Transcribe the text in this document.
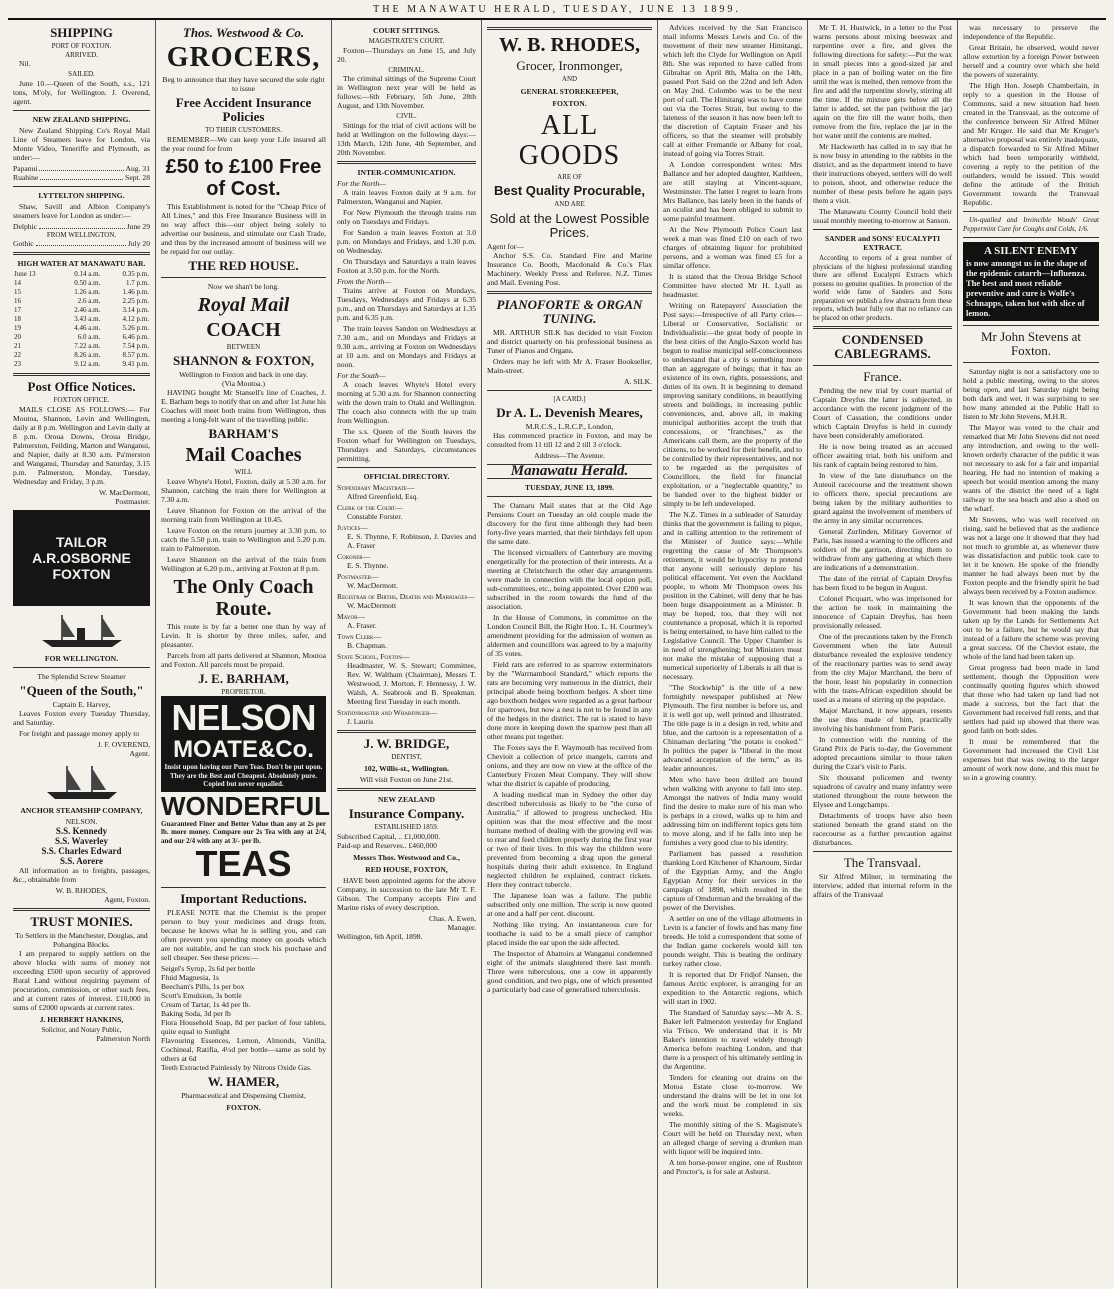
THE MANAWATU HERALD, TUESDAY, JUNE 13 1899.
SHIPPING
PORT OF FOXTON.
ARRIVED.

Nil.

SAILED.

June 10.—Queen of the South, s.s., 121 tons, M'oly, for Wellington. J. Overend, agent.

NEW ZEALAND SHIPPING.

New Zealand Shipping Co's Royal Mail Line of Steamers leave for London, via Monte Video, Teneriffe and Plymouth, as under:—

Papanui	Aug. 31
Ruahine	Sept. 28
LYTTELTON SHIPPING.

Shaw, Savill and Albion Company's steamers leave for London as under:—

Delphic	June 29
FROM WELLINGTON.
Gothic	July 20
HIGH WATER AT MANAWATU BAR.
June 13	0.14 a.m.	0.35 p.m.
14	0.50 a.m.	1.7 p.m.
15	1.26 a.m.	1.46 p.m.
16	2.6 a.m.	2.25 p.m.
17	2.46 a.m.	3.14 p.m.
18	3.43 a.m.	4.12 p.m.
19	4.46 a.m.	5.26 p.m.
20	6.0 a.m.	6.46 p.m.
21	7.22 a.m.	7.54 p.m.
22	8.26 a.m.	8.57 p.m.
23	9.12 a.m.	9.41 p.m.
Post Office Notices.
FOXTON OFFICE.

MAILS CLOSE AS FOLLOWS:— For Moutoa, Shannon, Levin and Wellington, daily at 8 p.m. Wellington and Levin daily at 8 p.m. Oroua Downs, Oroua Bridge, Palmerston, Feilding, Marton and Wanganui, and Napier, daily at 8.30 a.m. Pa'merston and Wanganui, Thursday and Saturday, 3.15 p.m. Palmerston, Monday, Tuesday, Wednesday and Friday, 3 p.m.

W. MacDermott,
Postmaster.
TAILOR
A.R.OSBORNE
FOXTON
FOR WELLINGTON.
The Splendid Screw Steamer
"Queen of the South,"
Captain E. Harvey,

Leaves Foxton every Tuesday Thursday, and Saturday.

For freight and passage money apply to

J. F. OVEREND,
Agent.
ANCHOR STEAMSHIP COMPANY,
NELSON.
S.S. Kennedy
S.S. Waverley
S.S. Charles Edward
S.S. Aorere

All information as to freights, passages, &c., obtainable from

W. B. RHODES,
Agent, Foxton.
TRUST MONIES.
To Settlers in the Manchester, Douglas, and Pohangina Blocks.

I am prepared to supply settlers on the above blocks with sums of money not exceeding £500 upon security of approved Rural Land without requiring payment of procuration, commission, or other such fees, and at current rates of interest. £10,000 in sums of £2000 upwards at current rates.

J. HERBERT HANKINS,
Solicitor, and Notary Public,
Palmerston North
Thos. Westwood & Co.
GROCERS,
Beg to announce that they have secured the sole right to issue
Free Accident Insurance Policies
TO THEIR CUSTOMERS.

REMEMBER—We can keep your Life insured all the year round for from

£50 to £100 Free of Cost.

This Establishment is noted for the "Cheap Price of All Lines," and this Free Insurance Business will in no way affect this—our object being solely to advertise our business, and stimulate our Cash Trade, and thus by the increased amount of business will we be repaid for our outlay.

THE RED HOUSE.
Now we shan't be long.
Royal Mail
COACH
BETWEEN
SHANNON & FOXTON,
Wellington to Foxton and back in one day.
(Via Moutoa.)

HAVING bought Mr Stansell's line of Coaches, J. E. Barham begs to notify that on and after 1st June his Coaches will meet both trains from Wellington, thus meeting a long-felt want of the travelling public.

BARHAM'S
Mail Coaches
WILL

Leave Whyte's Hotel, Foxton, daily at 5.30 a.m. for Shannon, catching the train there for Wellington at 7.30 a.m.

Leave Shannon for Foxton on the arrival of the morning train from Wellington at 10.45.

Leave Foxton on the return journey at 3.30 p.m. to catch the 5.50 p.m. train to Wellington and 5.20 p.m. train to Palmerston.

Leave Shannon on the arrival of the train from Wellington at 6.20 p.m., arriving at Foxton at 8 p.m.

The Only Coach Route.

This route is by far a better one than by way of Levin. It is shorter by three miles, safer, and pleasanter.

Parcels from all parts delivered at Shannon, Moutoa and Foxton. All parcels must be prepaid.

J. E. BARHAM,
PROPRIETOR.
NELSON
MOATE&Co.
Insist upon having our Pure Teas. Don't be put upon. They are the Best and Cheapest. Absolutely pure. Copied but never equalled.
WONDERFUL
Guaranteed Finer and Better Value than any at 2s per lb. more money. Compare our 2s Tea with any at 2/4, and our 2/4 with any at 3/- per lb.
TEAS
Important Reductions.

PLEASE NOTE that the Chemist is the proper person to buy your medicines and drugs from, because he knows what he is selling you, and can often prevent you spending money on goods which are not suitable, and he can stock his purchase and sell cheaper. See these prices:—

Seigel's Syrup, 2s 6d per bottle
Fluid Magnesia, 1s
Beecham's Pills, 1s per box
Scott's Emulsion, 3s bottle
Cream of Tartar, 1s 4d per lb.
Baking Soda, 3d per lb
Flora Household Soap, 8d per packet of four tablets, quite equal to Sunlight
Flavouring Essences, Lemon, Almonds, Vanilla, Cochineal, Ratifia, 4½d per bottle—same as sold by others at 6d
Teeth Extracted Painlessly by Nitrous Oxide Gas.
W. HAMER,
Pharmaceutical and Dispensing Chemist,
FOXTON.
COURT SITTINGS.
MAGISTRATE'S COURT.

Foxton—Thursdays on June 15, and July 20.

CRIMINAL.

The criminal sittings of the Supreme Court in Wellington next year will be held as follows:—6th February, 5th June, 28th August, and 13th November.

CIVIL.

Sittings for the trial of civil actions will be held at Wellington on the following days:—13th March, 12th June, 4th September, and 20th November.

INTER-COMMUNICATION.
For the North—

A train leaves Foxton daily at 9 a.m. for Palmerston, Wanganui and Napier.

For New Plymouth the through trains run only on Tuesdays and Fridays.

For Sandon a train leaves Foxton at 3.0 p.m. on Mondays and Fridays, and 1.30 p.m. on Wednesday.

On Thursdays and Saturdays a train leaves Foxton at 3.50 p.m. for the North.

From the North—

Trains arrive at Foxton on Mondays, Tuesdays, Wednesdays and Fridays at 6.35 p.m., and on Thursdays and Saturdays at 1.35 p.m. and 6.35 p.m.

The train leaves Sandon on Wednesdays at 7.30 a.m., and on Mondays and Fridays at 9.30 a.m., arriving at Foxton on Wednesdays at 10 a.m. and on Mondays and Fridays at noon.

For the South—

A coach leaves Whyte's Hotel every morning at 5.30 a.m. for Shannon connecting with the down train to Otaki and Wellington. The coach also connects with the up train from Wellington.

The s.s. Queen of the South leaves the Foxton wharf for Wellington on Tuesdays, Thursdays and Saturdays, circumstances permitting.

OFFICIAL DIRECTORY.
Stipendiary Magistrate—
Alfred Greenfield, Esq.
Clerk of the Court—
Constable Forster.
Justices—
E. S. Thynne, F. Robinson, J. Davies and A. Fraser
Coroner—
E. S. Thynne.
Postmaster—
W. MacDermott.
Registrar of Births, Deaths and Marriages—
W. MacDermott
Mayor—
A. Fraser.
Town Clerk—
B. Chapman.
State School, Foxton—
Headmaster, W. S. Stewart; Committee, Rev. W. Waltham (Chairman), Messrs T. Westwood, J. Morton, F. Hennessy, J. W. Walsh, A. Seabrook and B. Speakman. Meeting first Tuesday in each month.
Stationmaster and Wharfinger—
J. Lauris
J. W. BRIDGE,
DENTIST,
102, Willis-st., Wellington.
Will visit Foxton on June 21st.
NEW ZEALAND
Insurance Company.
ESTABLISHED 1859.
Subscribed Capital, .. £1,000,000.
Paid-up and Reserves.. £460,000
Messrs Thos. Westwood and Co.,
RED HOUSE, FOXTON,

HAVE been appointed agents for the above Company, in succession to the late Mr T. F. Gibson. The Company accepts Fire and Marine risks of every description.

Chas. A. Ewen,
Manager.
Wellington, 6th April, 1898.
W. B. RHODES,
Grocer, Ironmonger,
AND
GENERAL STOREKEEPER,
FOXTON.
ALL GOODS
ARE OF
Best Quality Procurable,
AND ARE
Sold at the Lowest Possible Prices.
Agent for—

Anchor S.S. Co. Standard Fire and Marine Insurance Co. Booth, Macdonald & Co.'s Flax Machinery. Weekly Press and Referee. N.Z. Times and Mail. Evening Post.

PIANOFORTE & ORGAN TUNING.

MR. ARTHUR SILK has decided to visit Foxton and district quarterly on his professional business as Tuner of Pianos and Organs.

Orders may be left with Mr A. Fraser Bookseller, Main-street.

A. SILK.
[A CARD.]
Dr A. L. Devenish Meares,
M.R.C.S., L.R.C.P., London,

Has commenced practice in Foxton, and may be consulted from 11 till 12 and 2 till 3 o'clock.

Address—The Avenue.
Manawatu Herald.
TUESDAY, JUNE 13, 1899.

The Oamaru Mail states that at the Old Age Pensions Court on Tuesday an old couple made the discovery for the first time although they had been forty-five years married, that their birthdays fell upon the same date.

The licensed victuallers of Canterbury are moving energetically for the protection of their interests. At a meeting at Christchurch the other day arrangements were made in connection with the local option poll, sub-committees, etc., being appointed. Over £200 was subscribed in the room towards the fund of the association.

In the House of Commons, in committee on the London Council Bill, the Right Hon. L. H. Courtney's amendment providing for the admission of women as aldermen and councillors was agreed to by a majority of 35 votes.

Field rats are referred to as sparrow exterminators by the "Warrnambool Standard," which reports the rats are becoming very numerous in the district, their principal abode being boxthorn hedges. A short time ago boxthorn hedges were regarded as a great harbour for sparrows, but now a nest is not to be found in any of the hedges in the district. The rat is stated to have done more in keeping down the sparrow pest than all other means put together.

The Foxes says the F. Waymouth has received from Chevioit a collection of price mangels, carrots and onions, and they are now on view at the office of the Canterbury Frozen Meat Company. They will show what the district is capable of producing.

A leading medical man in Sydney the other day described tuberculosis as likely to be "the curse of Australia," if allowed to progress unchecked. His opinion was that the most effective and the most humane method of dealing with the growing evil was to rear and feed children properly during the first year or two of their lives. In this way the children were prevented from becoming a drag upon the general hospitals during their adult existence. In England neglected children he explained, contract rickets. Here they contract tubercle.

The Japanese loan was a failure. The public subscribed only one million. The scrip is now quoted at one and a half per cent. discount.

Nothing like trying. An instantaneous cure for toothache is said to be a small piece of camphor placed inside the ear upon the side affected.

The Inspector of Abattoirs at Wanganui condemned eight of the animals slaughtered there last month. Three were tuberculous, one a cow in apparently good condition, and two pigs, one of which presented a particularly bad case of generalised tuberculosis.

Advices received by the San Francisco mail informs Messrs Lewis and Co. of the movement of their new steamer Himitangi, which left the Clyde for Wellington on April 8th. She was reported to have called from Gibraltar on April 8th, Malta on the 14th, passed Port Said on the 22nd and left Aden on May 2nd. Colombo was to be the next port of call. The Himitangi was to have come out via the Torres Strait, but owing to the lateness of the season it has now been left to the discretion of Captain Fraser and his officers, so that the steamer will probably call at either Fremantle or Albany for coal, instead of going via Torres Strait.

A London correspondent writes: Mrs Ballance and her adopted daughter, Kathleen, are still staying at Vincent-square, Westminster. The latter I regret to learn from Mrs Ballance, has lately been in the hands of an oculist and has been obliged to submit to some painful treatment.

At the New Plymouth Police Court last week a man was fined £10 on each of two charges of obtaining liquor for prohibited persons, and a woman was fined £5 for a similar offence.

It is stated that the Oroua Bridge School Committee have elected Mr H. Lyall as headmaster.

Writing on Ratepayers' Association the Post says:—Irrespective of all Party cries—Liberal or Conservative, Socialistic or Individualistic—the great body of people in the best cities of the Anglo-Saxon world has begun to realise municipal self-consciousness to understand that a city is something more than an aggregate of beings; that it has an existence of its own, rights, possessions, and duties of its own. It is beginning to demand improving sanitary conditions, in beautifying streets and buildings, in increasing public conveniences, and, above all, in making municipal authorities accept the truth that concessions, or "franchises," as the Americans call them, are the property of the citizens, to be worked for their benefit, and to be controlled by their representatives, and not to be regarded as the perquisites of Councillors, the field for financial exploitation, or a "neglectable quantity," to be handed over to the highest bidder or simply to be left undeveloped.

The N.Z. Times in a subleader of Saturday thinks that the government is failing to pique, and in calling attention to the retirement of the Minister of Justice says:—While regretting the cause of Mr Thompson's retirement, it would be hypocrisy to pretend that anyone will seriously deplore his political effacement. Yet even the Auckland people, to whom Mr Thompson owes his position in the Cabinet, will deny that he has been huge disappointment as a Minister. It may be hoped, too, that they will not countenance a proposal, which it is reported is being entertained, to have him called to the Legislative Council. The Upper Chamber is in need of strengthening; but Ministers must not make the mistake of supposing that a numerical superiority of Liberals is all that is necessary.

"The Stockwhip" is the title of a new fortnightly newspaper published at New Plymouth. The first number is before us, and it is well got up, well printed and illustrated. The title page is in a design in red, white and blue, and the cartoon is a representation of a Chinaman declaring "the potato is cooked." In politics the paper is "liberal in the most advanced acceptation of the term," as its leader announces.

Men who have been drilled are bound when walking with anyone to fall into step. Amongst the natives of India many would find the desire to make sure of his man who is perhaps in a crowd, walks up to him and addressing him on indifferent topics gets him to move along, and if he falls into step he furnishes a very good clue to his identity.

Parliament has passed a resolution thanking Lord Kitchener of Khartoum, Sirdar of the Egyptian Army, and the Anglo Egyptian Army for their services in the campaign of 1898, which resulted in the capture of Omdurman and the breaking of the power of the Dervishes.

A settler on one of the village allotments in Levin is a fancier of fowls and has many fine breeds. He told a correspondent that some of the Indian game cockerels would kill ten pounds weight. This is beating the ordinary turkey rather close.

It is reported that Dr Fridjof Nansen, the famous Arctic explorer, is arranging for an expedition to the Antarctic regions, which will start in 1902.

The Standard of Saturday says:—Mr A. S. Baker left Palmerston yesterday for England via 'Frisco. We understand that it is Mr Baker's intention to travel widely through America before reaching London, and that there is a prospect of his ultimately settling in the Argentine.

Tenders for cleaning out drains on the Motoa Estate close to-morrow. We understand the drains will be let in one lot and the work must be completed in six weeks.

The monthly sitting of the S. Magistrate's Court will be held on Thursday next, when an alleged charge of serving a drunken man with liquor will be inquired into.

A ten horse-power engine, one of Rushton and Proctor's, is for sale at Ashurst.

Mr T. H. Hustwick, in a letter to the Post warns persons about mixing beeswax and turpentine over a fire, and gives the following directions for safety:—Put the wax in small pieces into a good-sized jar and place in a pan of boiling water on the fire until the wax is melted, then remove from the fire and add the turpentine slowly, stirring all the time. If the mixture gets below all the latter is added, set the pan (without the jar) again on the fire till the water boils, then remove from the fire, replace the jar in the hot water until the contents are melted.

Mr Hackworth has called in to say that he is now busy in attending to the rabbits in the district, and as the department intend to have their instructions obeyed, settlers will do well to poison, shoot, and otherwise reduce the number of these pests before he again pays them a visit.

The Manawatu County Council hold their usual monthly meeting to-morrow at Sanson.

SANDER and SONS' EUCALYPTI EXTRACT.

According to reports of a great number of physicians of the highest professional standing there are offered Eucalypti Extracts which possess no genuine qualities. In protection of the world wide fame of Sanders and Sons preparation we publish a few abstracts from these reports, which bear fully out that no reliance can be placed on other products.

CONDENSED CABLEGRAMS.
France.

Pending the new trial by court martial of Captain Dreyfus the latter is subjected, in accordance with the recent judgment of the Court of Cassation, the conditions under which Captain Dreyfus is held in custody have been considerably ameliorated.

He is now being treated as an accused officer awaiting trial, both his uniform and his rank of captain being restored to him.

In view of the late disturbance on the Auteuil racecourse and the treatment shown to officers there, special precautions are being taken by the military authorities to guard against the involvement of members of the army in any similar occurrences.

General Zurlinden, Military Governor of Paris, has issued a warning to the officers and soldiers of the garrison, directing them to withdraw from any gathering at which there are indications of a demonstration.

The date of the retrial of Captain Dreyfus has been fixed to be begun in August.

Colonel Picquart, who was imprisoned for the action he took in maintaining the innocence of Captain Dreyfus, has been provisionally released.

One of the precautions taken by the French Government when the late Auteuil disturbance revealed the explosive tendency of the reactionary parties was to send away from the city Major Marchand, the hero of the hour, least his popularity in connection with the trans-African expedition should be used as a means of stirring up the populace.

Major Marchand, it now appears, resents the use thus made of him, practically involving his banishment from Paris.

In connection with the running of the Grand Prix de Paris to-day, the Government adopted precautions similar to those taken during the Czar's visit to Paris.

Six thousand policemen and twenty squadrons of cavalry and many infantry were stationed throughout the route between the Elysee and Longchamps.

Detachments of troops have also been stationed beneath the grand stand on the racecourse as a further precaution against disturbances.

The Transvaal.

Sir Alfred Milner, in terminating the interview, added that internal reform in the affairs of the Transvaal

was necessary to preserve the independence of the Republic.

Great Britain, he observed, would never allow extortion by a foreign Power between herself and a country over which she held the powers of suzerainty.

The High Hon. Joseph Chamberlain, in reply to a question in the House of Commons, said a new situation had been created in the Transvaal, as the outcome of the conference between Sir Alfred Milner and Mr Kruger. He said that Mr Kruger's alternative proposal was entirely inadequate, a dispatch forwarded to Sir Alfred Milner which had been temporarily withheld, covering a reply to the petition of the outlanders, would be issued. This would define the attitude of the British Government towards the Transvaal Republic.

Un-qualled and Invincible Woods' Great Peppermint Cure for Coughs and Colds, 1/6.

A SILENT ENEMY
is now amongst us in the shape of the epidemic catarrh—Influenza. The best and most reliable preventive and cure is Wolfe's Schnapps, taken hot with slice of lemon.
Mr John Stevens at Foxton.

Saturday night is not a satisfactory one to hold a public meeting, owing to the stores being open, and last Saturday night being both dark and wet, it was surprising to see how many attended at the Public Hall to listen to Mr John Stevens, M.H.R.

The Mayor was voted to the chair and remarked that Mr John Stevens did not need any introduction, and owing to the well-known orderly character of the public it was not necessary to ask for a fair and impartial hearing. He had no intention of making a speech but would mention among the many wants of the district the need of a light railway to the sea beach and also a shed on the wharf.

Mr Stevens, who was well received on rising, said he believed that as the audience was not a large one it showed that they had not much to grumble at, as whenever there was dissatisfaction and public took care to let it be known. He spoke of the friendly manner he had always been met by the Foxton people and the friendly spirit he had always been received by a Foxton audience.

It was known that the opponents of the Government had been making the lands taken up by the Lands for Settlements Act out to be a failure, but he would say that instead of a failure the scheme was proving a great success. Of the Cheviot estate, the whole of the land had been taken up.

Great progress had been made in land settlement, though the Opposition were continually quoting figures which showed that those who had taken up land had not made a success, but the fact that the Government had received full rents, and that settlers had paid up showed that there was good faith on both sides.

It must be remembered that the Government had increased the Civil List expenses but that was owing to the larger amount of work now done, and this must be so in a growing country.
